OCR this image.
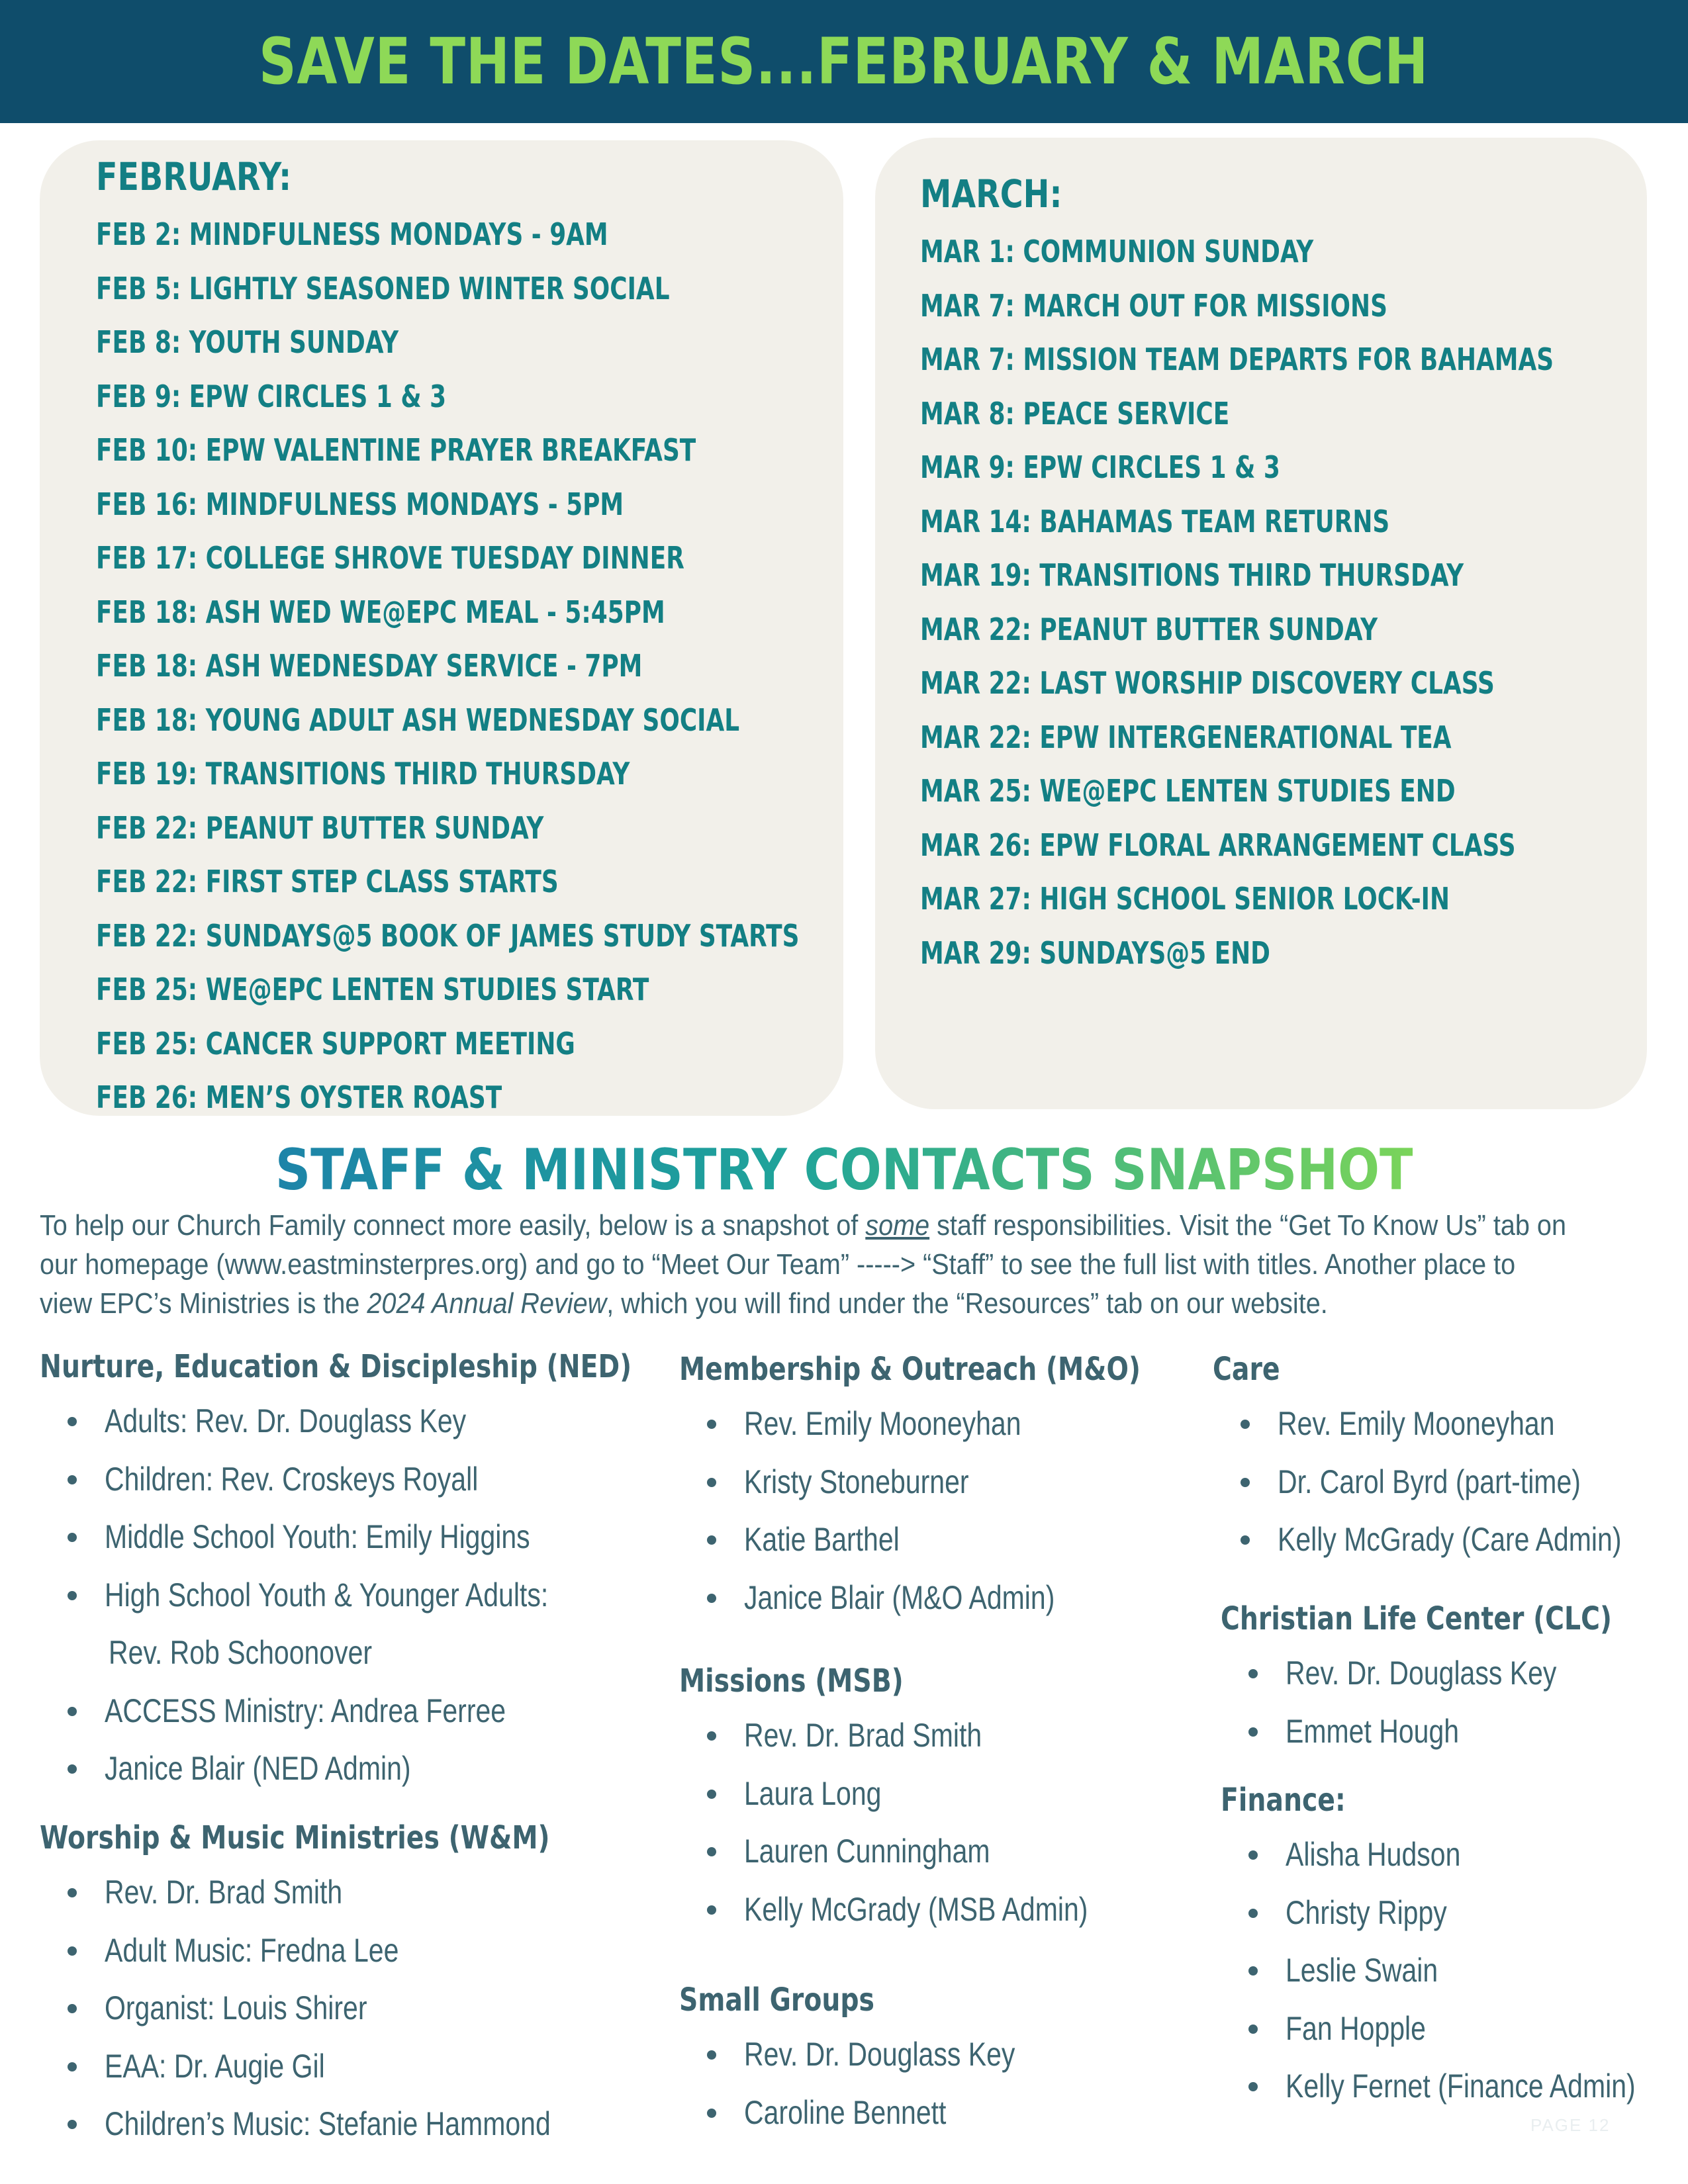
SAVE THE DATES...FEBRUARY & MARCH
FEBRUARY:
FEB 2: MINDFULNESS MONDAYS - 9AM
FEB 5: LIGHTLY SEASONED WINTER SOCIAL
FEB 8: YOUTH SUNDAY
FEB 9: EPW CIRCLES 1 & 3
FEB 10: EPW VALENTINE PRAYER BREAKFAST
FEB 16: MINDFULNESS MONDAYS - 5PM
FEB 17: COLLEGE SHROVE TUESDAY DINNER
FEB 18: ASH WED WE@EPC MEAL - 5:45PM
FEB 18: ASH WEDNESDAY SERVICE - 7PM
FEB 18: YOUNG ADULT ASH WEDNESDAY SOCIAL
FEB 19: TRANSITIONS THIRD THURSDAY
FEB 22: PEANUT BUTTER SUNDAY
FEB 22: FIRST STEP CLASS STARTS
FEB 22: SUNDAYS@5 BOOK OF JAMES STUDY STARTS
FEB 25: WE@EPC LENTEN STUDIES START
FEB 25: CANCER SUPPORT MEETING
FEB 26: MEN’S OYSTER ROAST
MARCH:
MAR 1: COMMUNION SUNDAY
MAR 7: MARCH OUT FOR MISSIONS
MAR 7: MISSION TEAM DEPARTS FOR BAHAMAS
MAR 8: PEACE SERVICE
MAR 9: EPW CIRCLES 1 & 3
MAR 14: BAHAMAS TEAM RETURNS
MAR 19: TRANSITIONS THIRD THURSDAY
MAR 22: PEANUT BUTTER SUNDAY
MAR 22: LAST WORSHIP DISCOVERY CLASS
MAR 22: EPW INTERGENERATIONAL TEA
MAR 25: WE@EPC LENTEN STUDIES END
MAR 26: EPW FLORAL ARRANGEMENT CLASS
MAR 27: HIGH SCHOOL SENIOR LOCK-IN
MAR 29: SUNDAYS@5 END
STAFF & MINISTRY CONTACTS SNAPSHOT
To help our Church Family connect more easily, below is a snapshot of some staff responsibilities. Visit the “Get To Know Us” tab on
our homepage (www.eastminsterpres.org) and go to “Meet Our Team” -----> “Staff” to see the full list with titles. Another place to
view EPC’s Ministries is the 2024 Annual Review, which you will find under the “Resources” tab on our website.
Nurture, Education & Discipleship (NED)
Adults: Rev. Dr. Douglass Key
Children: Rev. Croskeys Royall
Middle School Youth: Emily Higgins
High School Youth & Younger Adults:
Rev. Rob Schoonover
ACCESS Ministry: Andrea Ferree
Janice Blair (NED Admin)
Worship & Music Ministries (W&M)
Rev. Dr. Brad Smith
Adult Music: Fredna Lee
Organist: Louis Shirer
EAA: Dr. Augie Gil
Children’s Music: Stefanie Hammond
Membership & Outreach (M&O)
Rev. Emily Mooneyhan
Kristy Stoneburner
Katie Barthel
Janice Blair (M&O Admin)
Missions (MSB)
Rev. Dr. Brad Smith
Laura Long
Lauren Cunningham
Kelly McGrady (MSB Admin)
Small Groups
Rev. Dr. Douglass Key
Caroline Bennett
Care
Rev. Emily Mooneyhan
Dr. Carol Byrd (part-time)
Kelly McGrady (Care Admin)
Christian Life Center (CLC)
Rev. Dr. Douglass Key
Emmet Hough
Finance:
Alisha Hudson
Christy Rippy
Leslie Swain
Fan Hopple
Kelly Fernet (Finance Admin)
PAGE 12
